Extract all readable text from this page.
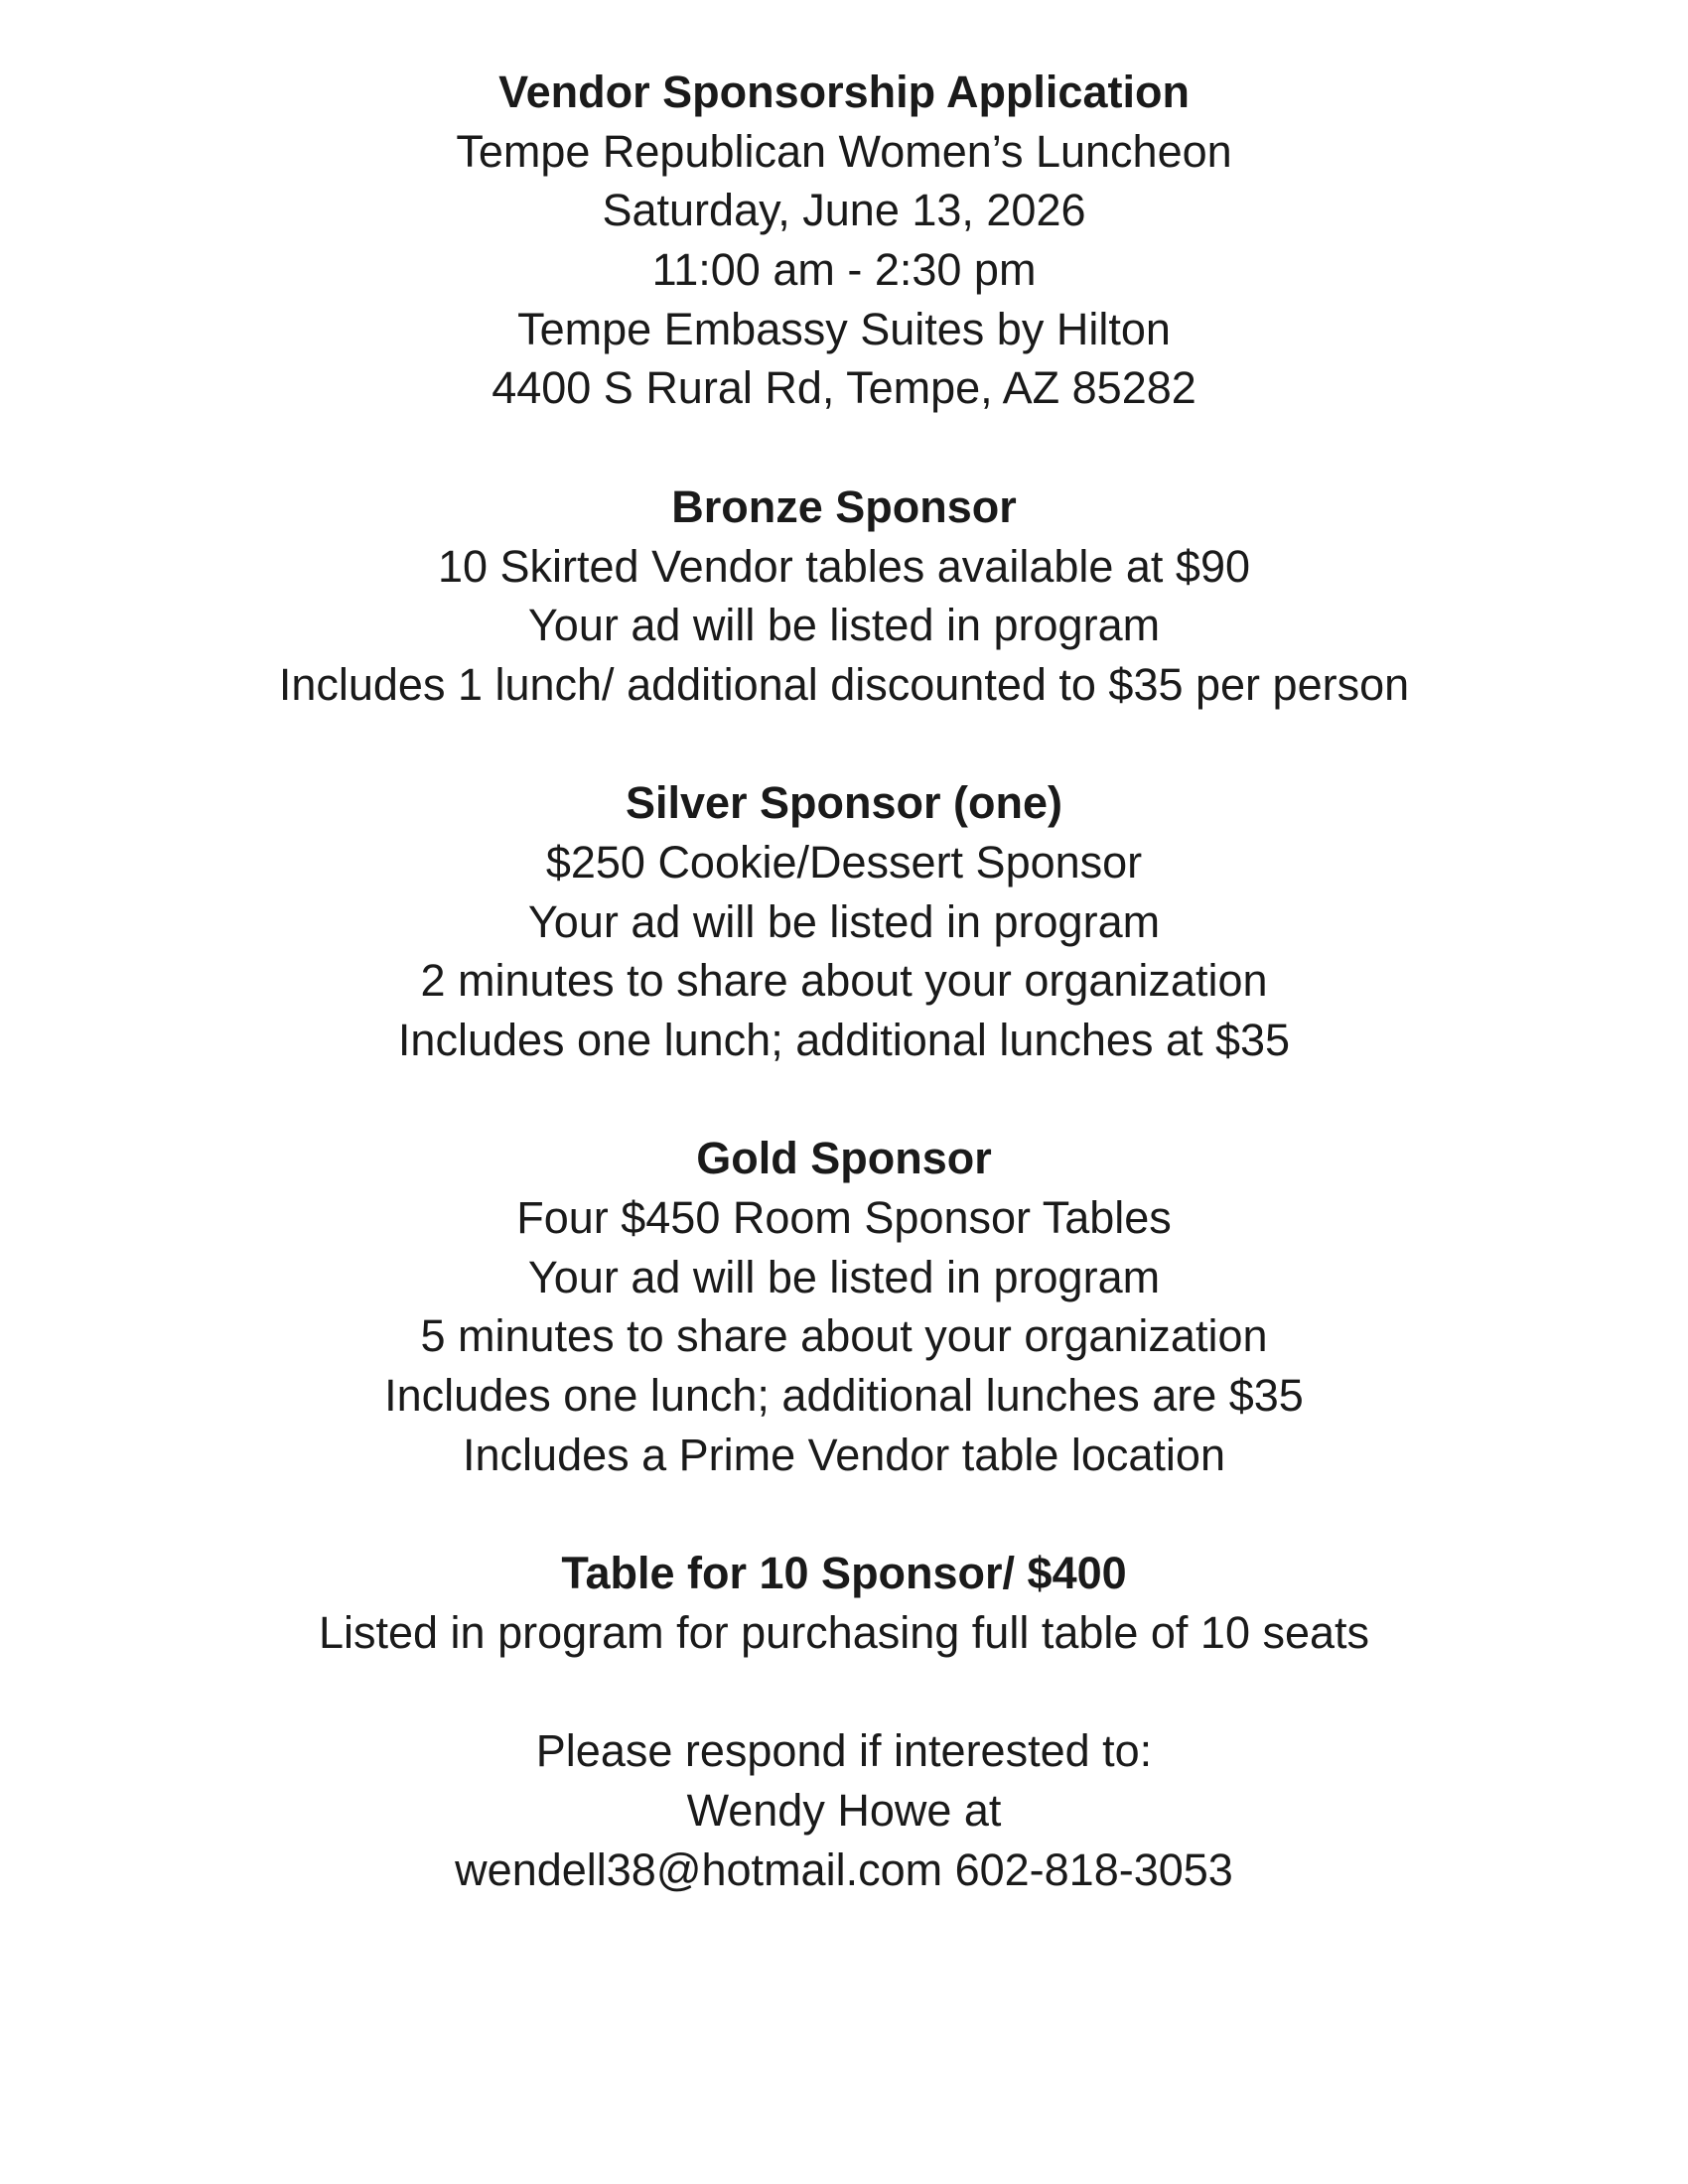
Vendor Sponsorship Application
Tempe Republican Women’s Luncheon
Saturday, June 13, 2026
11:00 am - 2:30 pm
Tempe Embassy Suites by Hilton
4400 S Rural Rd, Tempe, AZ 85282
Bronze Sponsor
10 Skirted Vendor tables available at $90
Your ad will be listed in program
Includes 1 lunch/ additional discounted to $35 per person
Silver Sponsor (one)
$250 Cookie/Dessert Sponsor
Your ad will be listed in program
2 minutes to share about your organization
Includes one lunch; additional lunches at $35
Gold Sponsor
Four $450 Room Sponsor Tables
Your ad will be listed in program
5 minutes to share about your organization
Includes one lunch; additional lunches are $35
Includes a Prime Vendor table location
Table for 10 Sponsor/ $400
Listed in program for purchasing full table of 10 seats
Please respond if interested to:
Wendy Howe at
wendell38@hotmail.com 602-818-3053
